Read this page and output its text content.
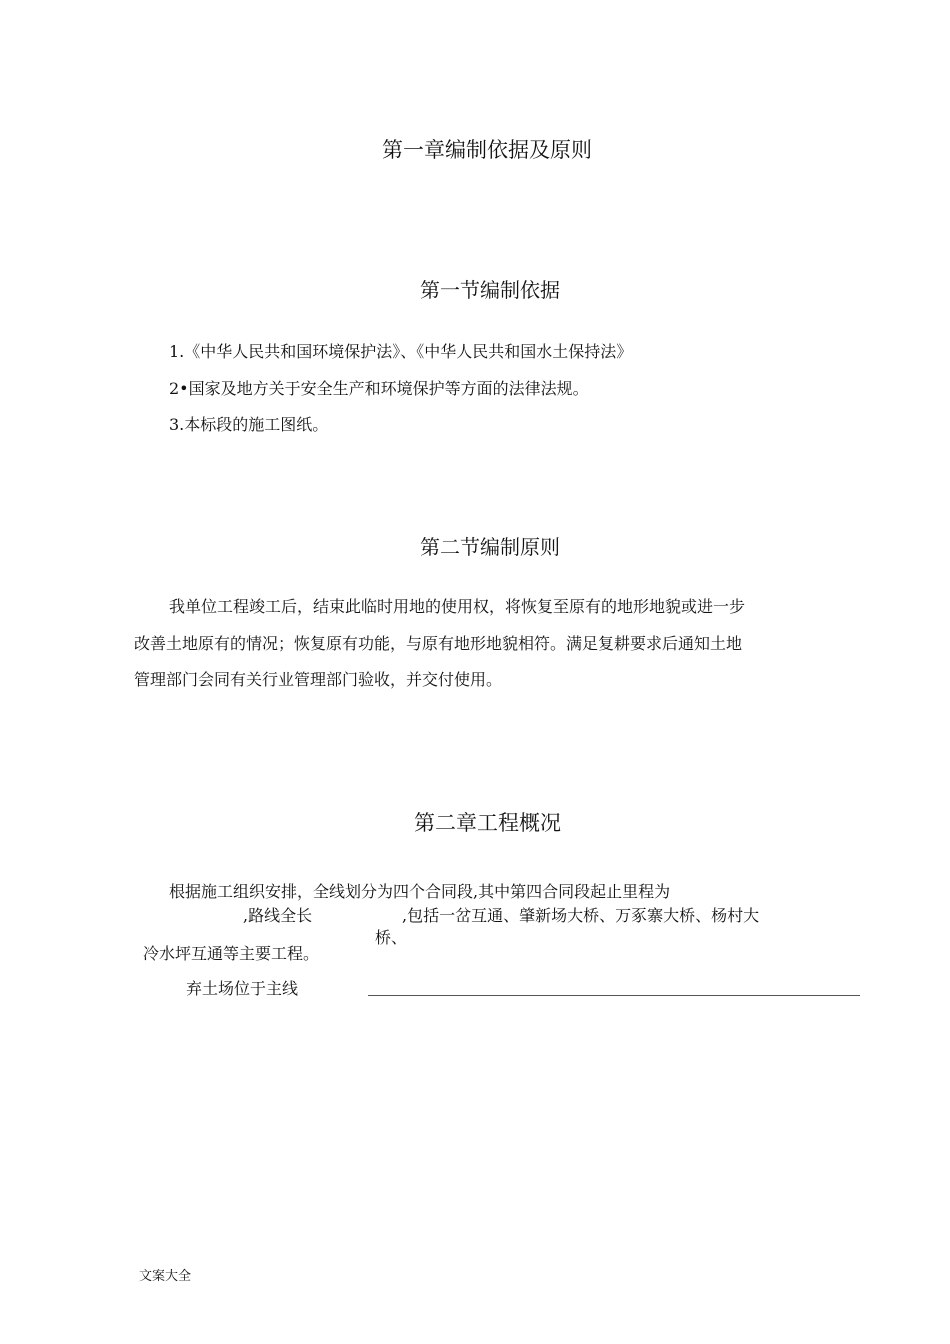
第一章编制依据及原则
第一节编制依据
1.《中华人民共和国环境保护法》、《中华人民共和国水土保持法》
2•国家及地方关于安全生产和环境保护等方面的法律法规。
3.本标段的施工图纸。
第二节编制原则
我单位工程竣工后，结束此临时用地的使用权，将恢复至原有的地形地貌或进一步
改善土地原有的情况；恢复原有功能，与原有地形地貌相符。满足复耕要求后通知土地
管理部门会同有关行业管理部门验收，并交付使用。
第二章工程概况
根据施工组织安排，全线划分为四个合同段,其中第四合同段起止里程为
,路线全长	,包括一岔互通、肇新场大桥、万豖寨大桥、杨村大
桥、
冷水坪互通等主要工程。
弃土场位于主线
文案大全
